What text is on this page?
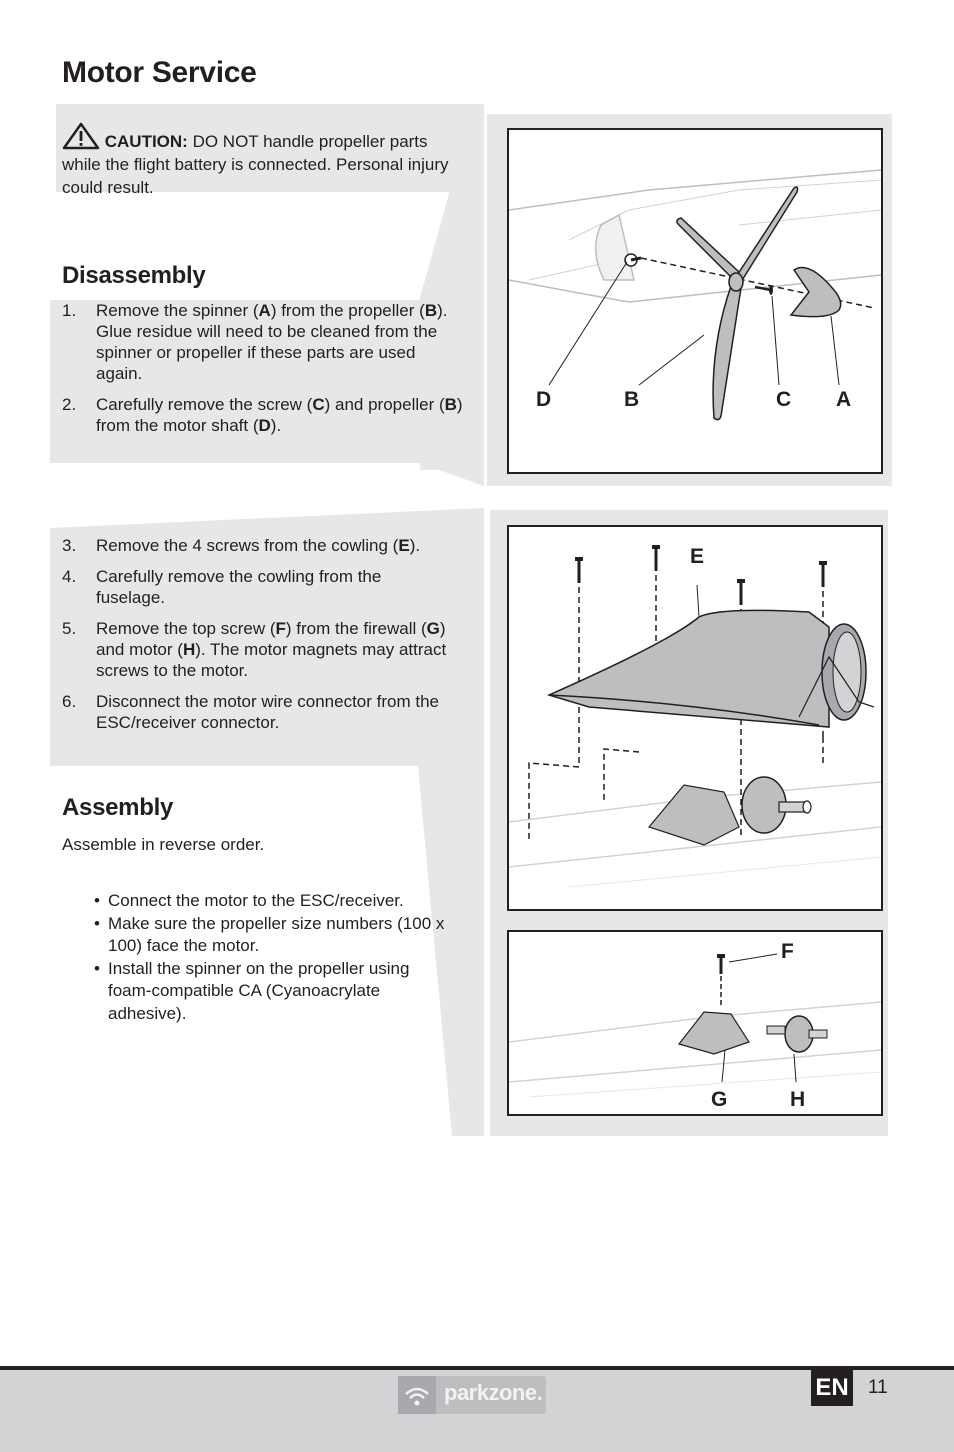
Motor Service
CAUTION: DO NOT handle propeller parts while the flight battery is connected. Personal injury could result.
Disassembly
1.	Remove the spinner (A) from the propeller (B). Glue residue will need to be cleaned from the spinner or propeller if these parts are used again.
2.	Carefully remove the screw (C) and propeller (B) from the motor shaft (D).
3.	Remove the 4 screws from the cowling (E).
4.	Carefully remove the cowling from the fuselage.
5.	Remove the top screw (F) from the firewall (G) and motor (H). The motor magnets may attract screws to the motor.
6.	Disconnect the motor wire connector from the ESC/receiver connector.
Assembly
Assemble in reverse order.
• Connect the motor to the ESC/receiver.
• Make sure the propeller size numbers (100 x 100) face the motor.
• Install the spinner on the propeller using foam-compatible CA (Cyanoacrylate adhesive).
D	B	C A
E
F
G	H
parkzone.	EN 11
